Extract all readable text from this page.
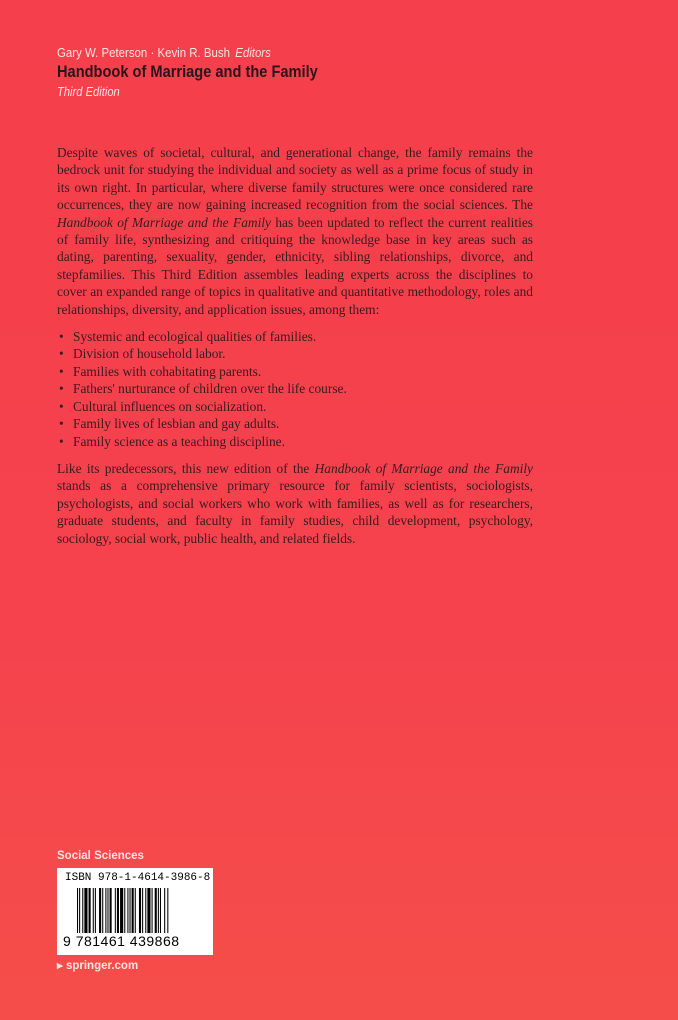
Gary W. Peterson · Kevin R. Bush Editors
Handbook of Marriage and the Family
Third Edition

Despite waves of societal, cultural, and generational change, the family remains the bedrock unit for studying the individual and society as well as a prime focus of study in its own right. In particular, where diverse family structures were once considered rare occurrences, they are now gaining increased recognition from the social sciences. The Handbook of Marriage and the Family has been updated to reflect the current realities of family life, synthesizing and critiquing the knowledge base in key areas such as dating, parenting, sexuality, gender, ethnicity, sibling relationships, divorce, and stepfamilies. This Third Edition assembles leading experts across the disciplines to cover an expanded range of topics in qualitative and quantitative methodology, roles and relationships, diversity, and application issues, among them:

• Systemic and ecological qualities of families.
• Division of household labor.
• Families with cohabitating parents.
• Fathers' nurturance of children over the life course.
• Cultural influences on socialization.
• Family lives of lesbian and gay adults.
• Family science as a teaching discipline.

Like its predecessors, this new edition of the Handbook of Marriage and the Family stands as a comprehensive primary resource for family scientists, sociologists, psychologists, and social workers who work with families, as well as for researchers, graduate students, and faculty in family studies, child development, psychology, sociology, social work, public health, and related fields.

Social Sciences
ISBN 978-1-4614-3986-8
9 781461 439868
▸ springer.com
